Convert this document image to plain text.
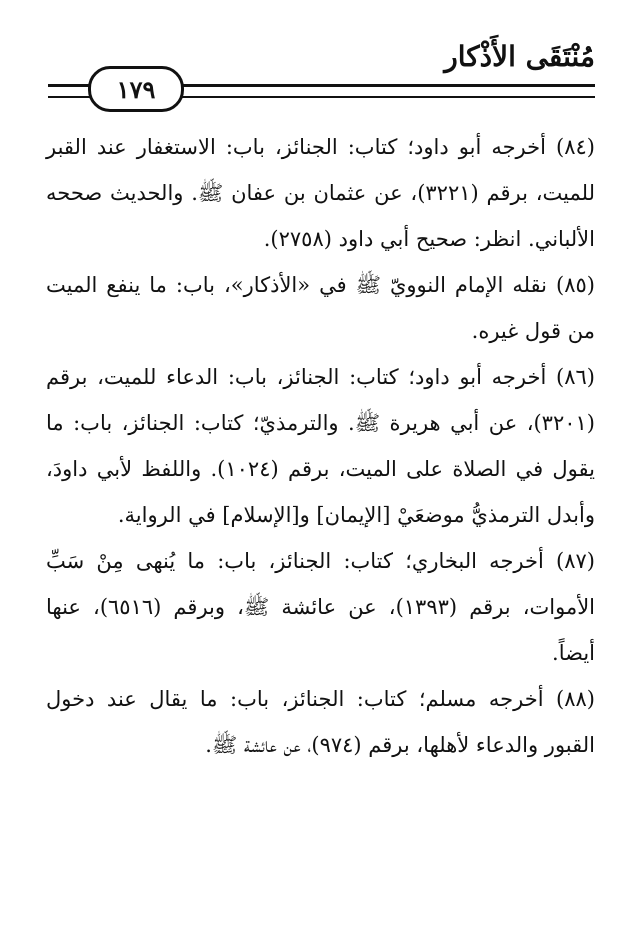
مُنْتَقَى الأَذْكار
١٧٩

(٨٤) أخرجه أبو داود؛ كتاب: الجنائز، باب: الاستغفار عند القبر للميت، برقم (٣٢٢١)، عن عثمان بن عفان ﷺ. والحديث صححه الألباني. انظر: صحيح أبي داود (٢٧٥٨).

(٨٥) نقله الإمام النوويّ ﷺ في «الأذكار»، باب: ما ينفع الميت من قول غيره.

(٨٦) أخرجه أبو داود؛ كتاب: الجنائز، باب: الدعاء للميت، برقم (٣٢٠١)، عن أبي هريرة ﷺ. والترمذيّ؛ كتاب: الجنائز، باب: ما يقول في الصلاة على الميت، برقم (١٠٢٤). واللفظ لأبي داودَ، وأبدل الترمذيُّ موضعَيْ [الإيمان] و[الإسلام] في الرواية.

(٨٧) أخرجه البخاري؛ كتاب: الجنائز، باب: ما يُنهى مِنْ سَبِّ الأموات، برقم (١٣٩٣)، عن عائشة ﷺ، وبرقم (٦٥١٦)، عنها أيضاً.

(٨٨) أخرجه مسلم؛ كتاب: الجنائز، باب: ما يقال عند دخول القبور والدعاء لأهلها، برقم (٩٧٤)، عن عائشة ﷺ.
